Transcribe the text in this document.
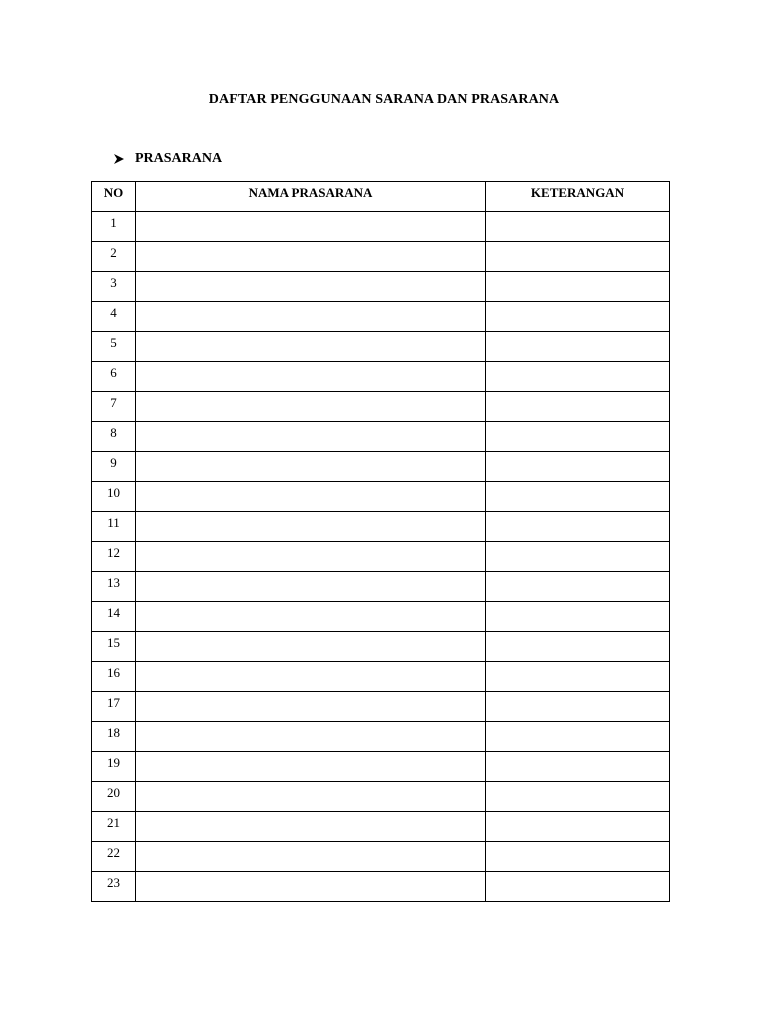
DAFTAR PENGGUNAAN SARANA DAN PRASARANA
PRASARANA
NO	NAMA PRASARANA	KETERANGAN
1		
2		
3		
4		
5		
6		
7		
8		
9		
10		
11		
12		
13		
14		
15		
16		
17		
18		
19		
20		
21		
22		
23		
